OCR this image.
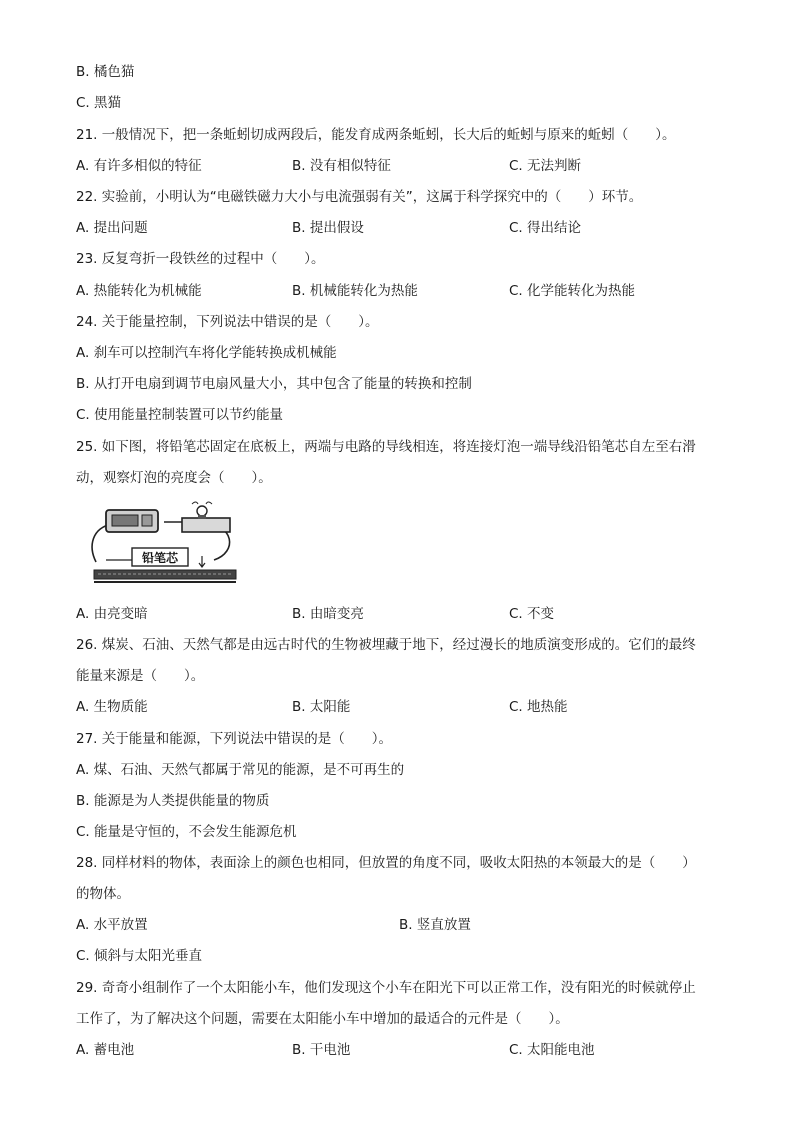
B. 橘色猫
C. 黑猫
21. 一般情况下，把一条蚯蚓切成两段后，能发育成两条蚯蚓，长大后的蚯蚓与原来的蚯蚓（　　）。
A. 有许多相似的特征	B. 没有相似特征	C. 无法判断
22. 实验前，小明认为“电磁铁磁力大小与电流强弱有关”，这属于科学探究中的（　　）环节。
A. 提出问题	B. 提出假设	C. 得出结论
23. 反复弯折一段铁丝的过程中（　　）。
A. 热能转化为机械能	B. 机械能转化为热能	C. 化学能转化为热能
24. 关于能量控制，下列说法中错误的是（　　）。
A. 刹车可以控制汽车将化学能转换成机械能
B. 从打开电扇到调节电扇风量大小，其中包含了能量的转换和控制
C. 使用能量控制装置可以节约能量
25. 如下图，将铅笔芯固定在底板上，两端与电路的导线相连，将连接灯泡一端导线沿铅笔芯自左至右滑
动，观察灯泡的亮度会（　　）。
铅笔芯
A. 由亮变暗	B. 由暗变亮	C. 不变
26. 煤炭、石油、天然气都是由远古时代的生物被埋藏于地下，经过漫长的地质演变形成的。它们的最终
能量来源是（　　）。
A. 生物质能	B. 太阳能	C. 地热能
27. 关于能量和能源，下列说法中错误的是（　　）。
A. 煤、石油、天然气都属于常见的能源，是不可再生的
B. 能源是为人类提供能量的物质
C. 能量是守恒的，不会发生能源危机
28. 同样材料的物体，表面涂上的颜色也相同，但放置的角度不同，吸收太阳热的本领最大的是（　　）
的物体。
A. 水平放置	B. 竖直放置
C. 倾斜与太阳光垂直
29. 奇奇小组制作了一个太阳能小车，他们发现这个小车在阳光下可以正常工作，没有阳光的时候就停止
工作了，为了解决这个问题，需要在太阳能小车中增加的最适合的元件是（　　）。
A. 蓄电池	B. 干电池	C. 太阳能电池
